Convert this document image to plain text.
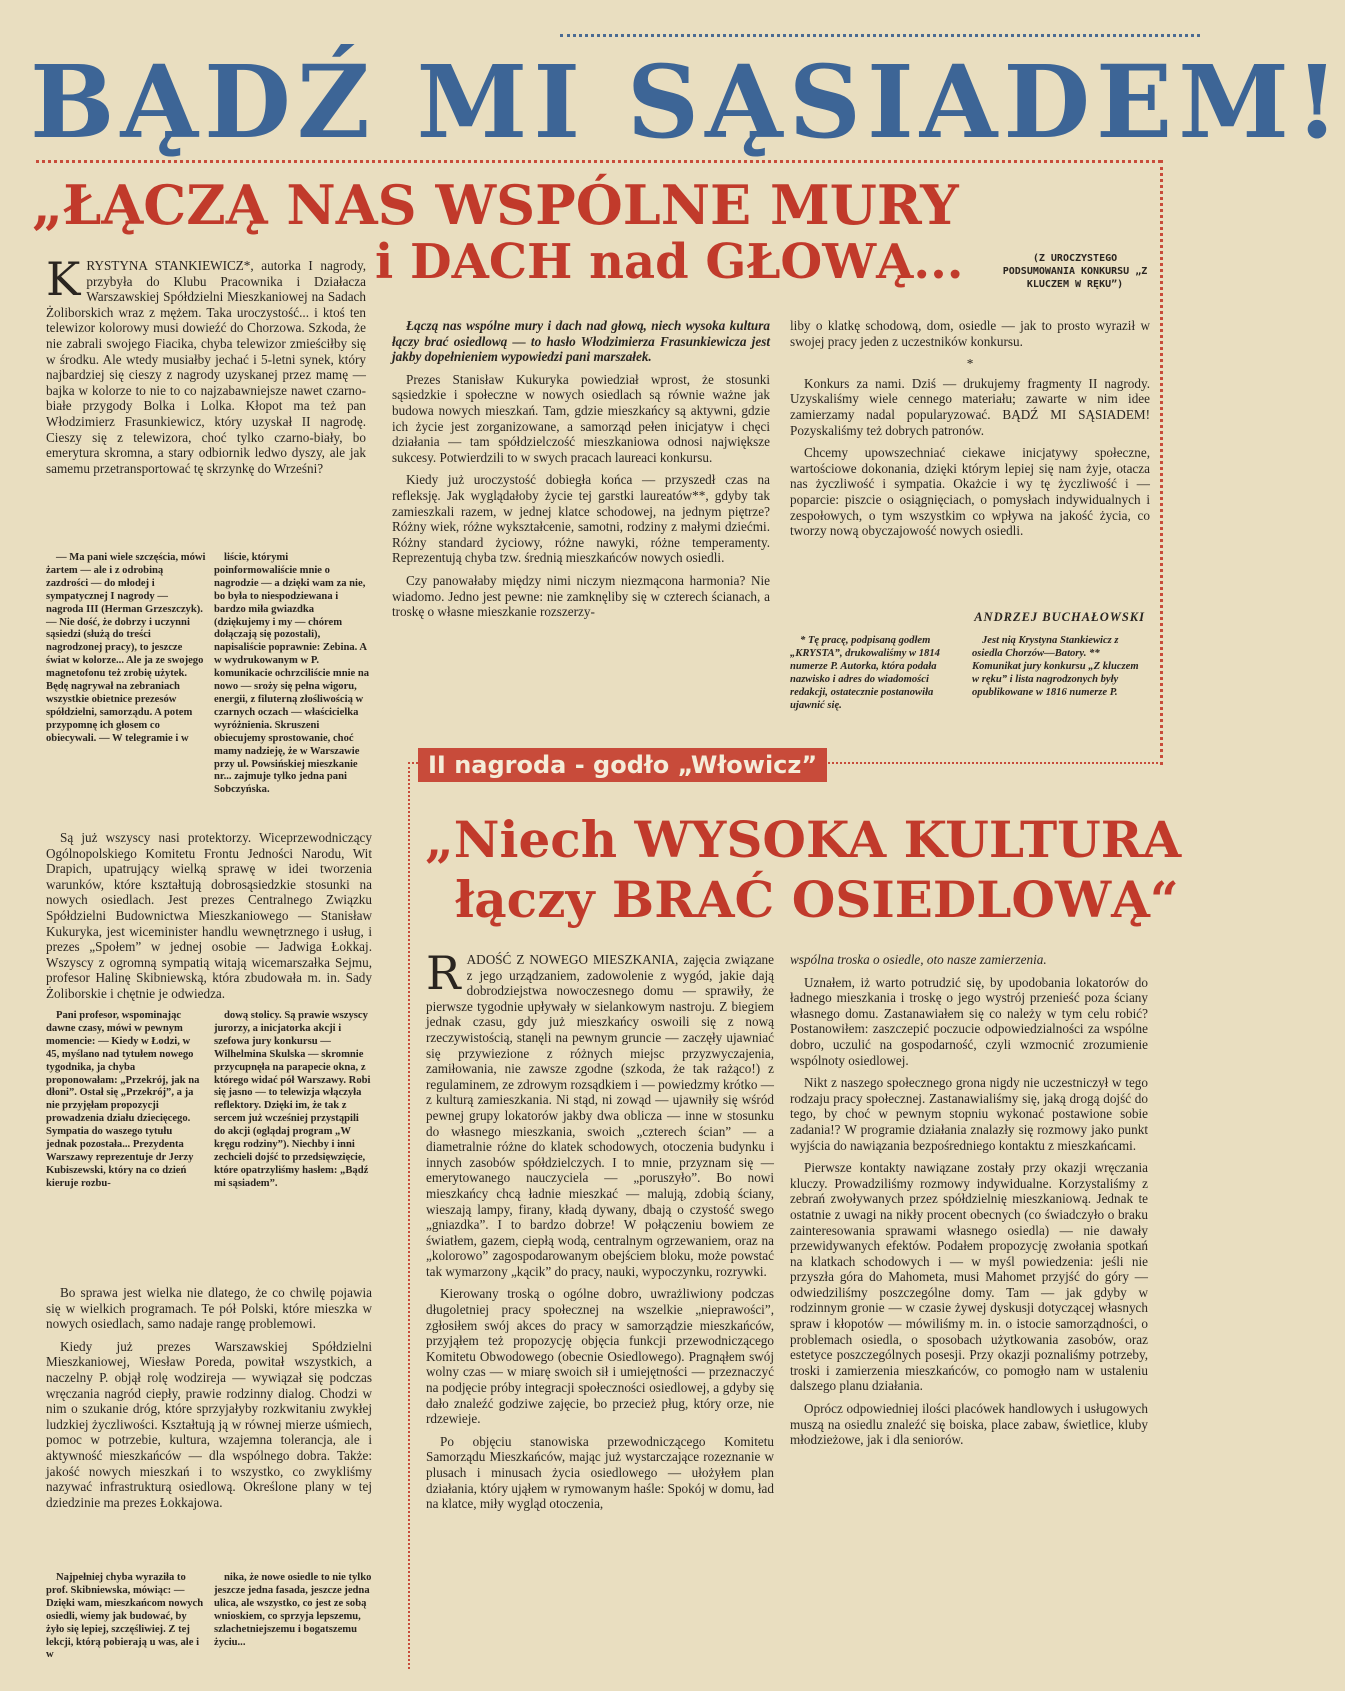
BĄDŹ MI SĄSIADEM!
„ŁĄCZĄ NAS WSPÓLNE MURY
i DACH nad GŁOWĄ...	(Z UROCZYSTEGO PODSUMOWANIA KONKURSU „Z KLUCZEM W RĘKU”)

KRYSTYNA STANKIEWICZ*, autorka I nagrody, przybyła do Klubu Pracownika i Działacza Warszawskiej Spółdzielni Mieszkaniowej na Sadach Żoliborskich wraz z mężem. Taka uroczystość... i ktoś ten telewizor kolorowy musi dowieźć do Chorzowa. Szkoda, że nie zabrali swojego Fiacika, chyba telewizor zmieściłby się w środku. Ale wtedy musiałby jechać i 5-letni synek, który najbardziej się cieszy z nagrody uzyskanej przez mamę — bajka w kolorze to nie to co najzabawniejsze nawet czarno-białe przygody Bolka i Lolka. Kłopot ma też pan Włodzimierz Frasunkiewicz, który uzyskał II nagrodę. Cieszy się z telewizora, choć tylko czarno-biały, bo emerytura skromna, a stary odbiornik ledwo dyszy, ale jak samemu przetransportować tę skrzynkę do Wrześni?

— Ma pani wiele szczęścia, mówi żartem — ale i z odrobiną zazdrości — do młodej i sympatycznej I nagrody — nagroda III (Herman Grzeszczyk). — Nie dość, że dobrzy i uczynni sąsiedzi (służą do treści nagrodzonej pracy), to jeszcze świat w kolorze... Ale ja ze swojego magnetofonu też zrobię użytek. Będę nagrywał na zebraniach wszystkie obietnice prezesów spółdzielni, samorządu. A potem przypomnę ich głosem co obiecywali. — W telegramie i w

liście, którymi poinformowaliście mnie o nagrodzie — a dzięki wam za nie, bo była to niespodziewana i bardzo miła gwiazdka (dziękujemy i my — chórem dołączają się pozostali), napisaliście poprawnie: Zebina. A w wydrukowanym w P. komunikacie ochrzciliście mnie na nowo — sroży się pełna wigoru, energii, z filuterną złośliwością w czarnych oczach — właścicielka wyróżnienia. Skruszeni obiecujemy sprostowanie, choć mamy nadzieję, że w Warszawie przy ul. Powsińskiej mieszkanie nr... zajmuje tylko jedna pani Sobczyńska.

Są już wszyscy nasi protektorzy. Wiceprzewodniczący Ogólnopolskiego Komitetu Frontu Jedności Narodu, Wit Drapich, upatrujący wielką sprawę w idei tworzenia warunków, które kształtują dobrosąsiedzkie stosunki na nowych osiedlach. Jest prezes Centralnego Związku Spółdzielni Budownictwa Mieszkaniowego — Stanisław Kukuryka, jest wiceminister handlu wewnętrznego i usług, i prezes „Społem” w jednej osobie — Jadwiga Łokkaj. Wszyscy z ogromną sympatią witają wicemarszałka Sejmu, profesor Halinę Skibniewską, która zbudowała m. in. Sady Żoliborskie i chętnie je odwiedza.

Pani profesor, wspominając dawne czasy, mówi w pewnym momencie: — Kiedy w Łodzi, w 45, myślano nad tytułem nowego tygodnika, ja chyba proponowałam: „Przekrój, jak na dłoni”. Ostał się „Przekrój”, a ja nie przyjęłam propozycji prowadzenia działu dziecięcego. Sympatia do waszego tytułu jednak pozostała... Prezydenta Warszawy reprezentuje dr Jerzy Kubiszewski, który na co dzień kieruje rozbu-

dową stolicy. Są prawie wszyscy jurorzy, a inicjatorka akcji i szefowa jury konkursu — Wilhelmina Skulska — skromnie przycupnęła na parapecie okna, z którego widać pół Warszawy. Robi się jasno — to telewizja włączyła reflektory. Dzięki im, że tak z sercem już wcześniej przystąpili do akcji (oglądaj program „W kręgu rodziny”). Niechby i inni zechcieli dojść to przedsięwzięcie, które opatrzyliśmy hasłem: „Bądź mi sąsiadem”.

Bo sprawa jest wielka nie dlatego, że co chwilę pojawia się w wielkich programach. Te pół Polski, które mieszka w nowych osiedlach, samo nadaje rangę problemowi.

Kiedy już prezes Warszawskiej Spółdzielni Mieszkaniowej, Wiesław Poreda, powitał wszystkich, a naczelny P. objął rolę wodzireja — wywiązał się podczas wręczania nagród ciepły, prawie rodzinny dialog. Chodzi w nim o szukanie dróg, które sprzyjałyby rozkwitaniu zwykłej ludzkiej życzliwości. Kształtują ją w równej mierze uśmiech, pomoc w potrzebie, kultura, wzajemna tolerancja, ale i aktywność mieszkańców — dla wspólnego dobra. Także: jakość nowych mieszkań i to wszystko, co zwykliśmy nazywać infrastrukturą osiedlową. Określone plany w tej dziedzinie ma prezes Łokkajowa.

Najpełniej chyba wyraziła to prof. Skibniewska, mówiąc: — Dzięki wam, mieszkańcom nowych osiedli, wiemy jak budować, by żyło się lepiej, szczęśliwiej. Z tej lekcji, którą pobierają u was, ale i w

nika, że nowe osiedle to nie tylko jeszcze jedna fasada, jeszcze jedna ulica, ale wszystko, co jest ze sobą wnioskiem, co sprzyja lepszemu, szlachetniejszemu i bogatszemu życiu...

Łączą nas wspólne mury i dach nad głową, niech wysoka kultura łączy brać osiedlową — to hasło Włodzimierza Frasunkiewicza jest jakby dopełnieniem wypowiedzi pani marszałek.

Prezes Stanisław Kukuryka powiedział wprost, że stosunki sąsiedzkie i społeczne w nowych osiedlach są równie ważne jak budowa nowych mieszkań. Tam, gdzie mieszkańcy są aktywni, gdzie ich życie jest zorganizowane, a samorząd pełen inicjatyw i chęci działania — tam spółdzielczość mieszkaniowa odnosi największe sukcesy. Potwierdzili to w swych pracach laureaci konkursu.

Kiedy już uroczystość dobiegła końca — przyszedł czas na refleksję. Jak wyglądałoby życie tej garstki laureatów**, gdyby tak zamieszkali razem, w jednej klatce schodowej, na jednym piętrze? Różny wiek, różne wykształcenie, samotni, rodziny z małymi dziećmi. Różny standard życiowy, różne nawyki, różne temperamenty. Reprezentują chyba tzw. średnią mieszkańców nowych osiedli.

Czy panowałaby między nimi niczym niezmącona harmonia? Nie wiadomo. Jedno jest pewne: nie zamknęliby się w czterech ścianach, a troskę o własne mieszkanie rozszerzy-

liby o klatkę schodową, dom, osiedle — jak to prosto wyraził w swojej pracy jeden z uczestników konkursu.

*

Konkurs za nami. Dziś — drukujemy fragmenty II nagrody. Uzyskaliśmy wiele cennego materiału; zawarte w nim idee zamierzamy nadal popularyzować. BĄDŹ MI SĄSIADEM! Pozyskaliśmy też dobrych patronów.

Chcemy upowszechniać ciekawe inicjatywy społeczne, wartościowe dokonania, dzięki którym lepiej się nam żyje, otacza nas życzliwość i sympatia. Okażcie i wy tę życzliwość i — poparcie: piszcie o osiągnięciach, o pomysłach indywidualnych i zespołowych, o tym wszystkim co wpływa na jakość życia, co tworzy nową obyczajowość nowych osiedli.

ANDRZEJ BUCHAŁOWSKI

* Tę pracę, podpisaną godłem „KRYSTA”, drukowaliśmy w 1814 numerze P. Autorka, która podała nazwisko i adres do wiadomości redakcji, ostatecznie postanowiła ujawnić się.

Jest nią Krystyna Stankiewicz z osiedla Chorzów—Batory. ** Komunikat jury konkursu „Z kluczem w ręku” i lista nagrodzonych były opublikowane w 1816 numerze P.

II nagroda - godło „Włowicz”
„Niech WYSOKA KULTURA
łączy BRAĆ OSIEDLOWĄ“

RADOŚĆ Z NOWEGO MIESZKANIA, zajęcia związane z jego urządzaniem, zadowolenie z wygód, jakie dają dobrodziejstwa nowoczesnego domu — sprawiły, że pierwsze tygodnie upływały w sielankowym nastroju. Z biegiem jednak czasu, gdy już mieszkańcy oswoili się z nową rzeczywistością, stanęli na pewnym gruncie — zaczęły ujawniać się przywiezione z różnych miejsc przyzwyczajenia, zamiłowania, nie zawsze zgodne (szkoda, że tak rażąco!) z regulaminem, ze zdrowym rozsądkiem i — powiedzmy krótko — z kulturą zamieszkania. Ni stąd, ni zowąd — ujawniły się wśród pewnej grupy lokatorów jakby dwa oblicza — inne w stosunku do własnego mieszkania, swoich „czterech ścian” — a diametralnie różne do klatek schodowych, otoczenia budynku i innych zasobów spółdzielczych. I to mnie, przyznam się — emerytowanego nauczyciela — „poruszyło”. Bo nowi mieszkańcy chcą ładnie mieszkać — malują, zdobią ściany, wieszają lampy, firany, kładą dywany, dbają o czystość swego „gniazdka”. I to bardzo dobrze! W połączeniu bowiem ze światłem, gazem, ciepłą wodą, centralnym ogrzewaniem, oraz na „kolorowo” zagospodarowanym obejściem bloku, może powstać tak wymarzony „kącik” do pracy, nauki, wypoczynku, rozrywki.

Kierowany troską o ogólne dobro, uwrażliwiony podczas długoletniej pracy społecznej na wszelkie „nieprawości”, zgłosiłem swój akces do pracy w samorządzie mieszkańców, przyjąłem też propozycję objęcia funkcji przewodniczącego Komitetu Obwodowego (obecnie Osiedlowego). Pragnąłem swój wolny czas — w miarę swoich sił i umiejętności — przeznaczyć na podjęcie próby integracji społeczności osiedlowej, a gdyby się dało znaleźć godziwe zajęcie, bo przecież pług, który orze, nie rdzewieje.

Po objęciu stanowiska przewodniczącego Komitetu Samorządu Mieszkańców, mając już wystarczające rozeznanie w plusach i minusach życia osiedlowego — ułożyłem plan działania, który ująłem w rymowanym haśle: Spokój w domu, ład na klatce, miły wygląd otoczenia,

wspólna troska o osiedle, oto nasze zamierzenia.

Uznałem, iż warto potrudzić się, by upodobania lokatorów do ładnego mieszkania i troskę o jego wystrój przenieść poza ściany własnego domu. Zastanawiałem się co należy w tym celu robić? Postanowiłem: zaszczepić poczucie odpowiedzialności za wspólne dobro, uczulić na gospodarność, czyli wzmocnić zrozumienie wspólnoty osiedlowej.

Nikt z naszego społecznego grona nigdy nie uczestniczył w tego rodzaju pracy społecznej. Zastanawialiśmy się, jaką drogą dojść do tego, by choć w pewnym stopniu wykonać postawione sobie zadania!? W programie działania znalazły się rozmowy jako punkt wyjścia do nawiązania bezpośredniego kontaktu z mieszkańcami.

Pierwsze kontakty nawiązane zostały przy okazji wręczania kluczy. Prowadziliśmy rozmowy indywidualne. Korzystaliśmy z zebrań zwoływanych przez spółdzielnię mieszkaniową. Jednak te ostatnie z uwagi na nikły procent obecnych (co świadczyło o braku zainteresowania sprawami własnego osiedla) — nie dawały przewidywanych efektów. Podałem propozycję zwołania spotkań na klatkach schodowych i — w myśl powiedzenia: jeśli nie przyszła góra do Mahometa, musi Mahomet przyjść do góry — odwiedziliśmy poszczególne domy. Tam — jak gdyby w rodzinnym gronie — w czasie żywej dyskusji dotyczącej własnych spraw i kłopotów — mówiliśmy m. in. o istocie samorządności, o problemach osiedla, o sposobach użytkowania zasobów, oraz estetyce poszczególnych posesji. Przy okazji poznaliśmy potrzeby, troski i zamierzenia mieszkańców, co pomogło nam w ustaleniu dalszego planu działania.

Oprócz odpowiedniej ilości placówek handlowych i usługowych muszą na osiedlu znaleźć się boiska, place zabaw, świetlice, kluby młodzieżowe, jak i dla seniorów.
